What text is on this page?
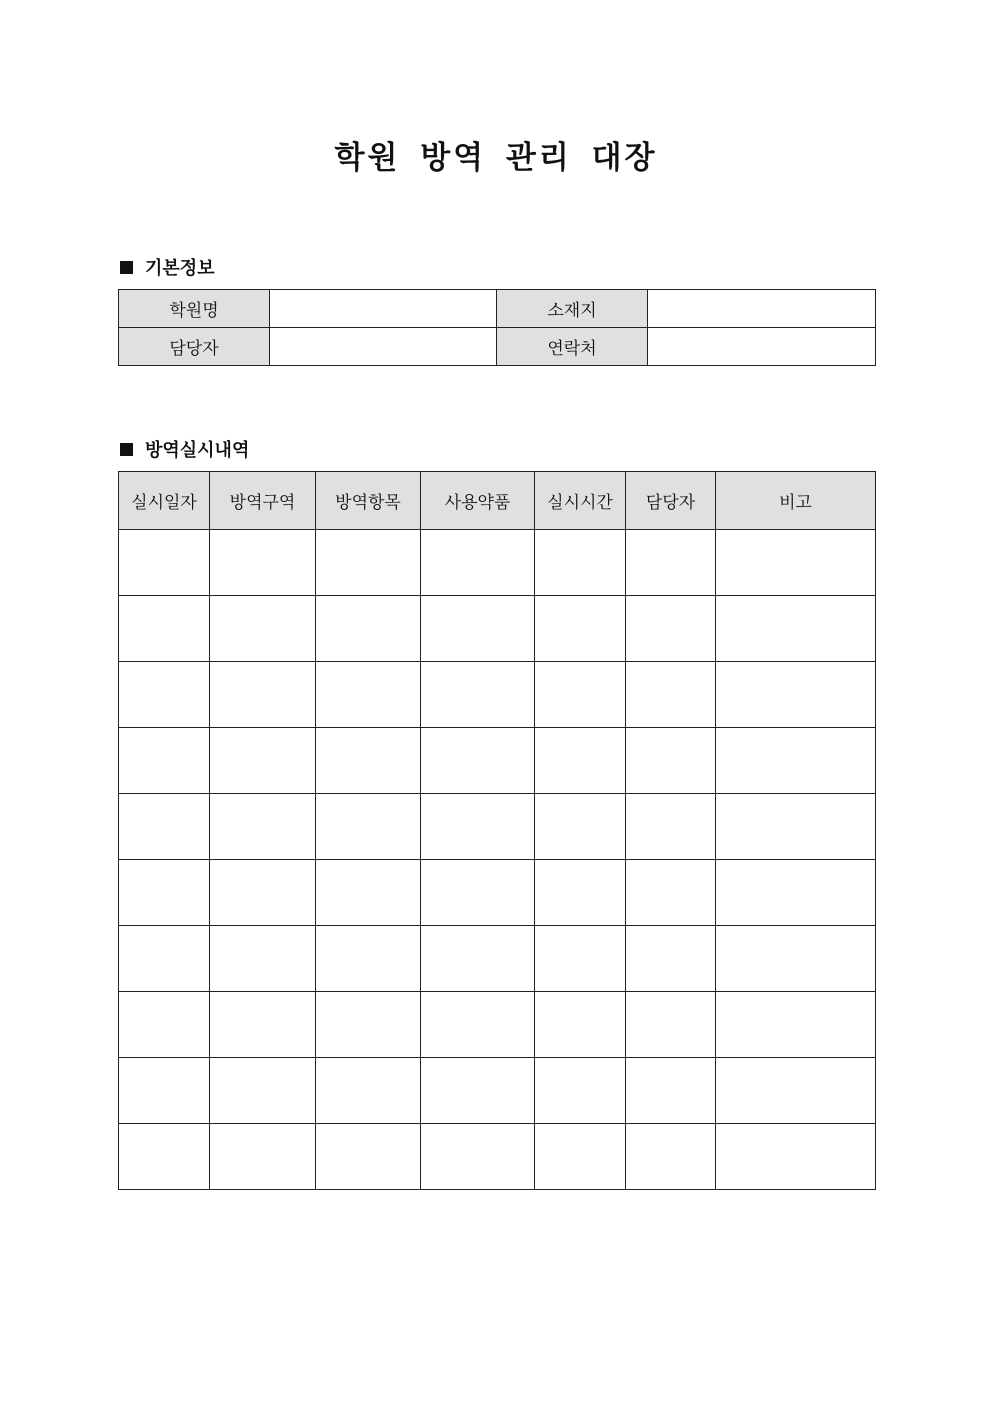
학원 방역 관리 대장
기본정보
학원명		소재지	
담당자		연락처	
방역실시내역
실시일자	방역구역	방역항목	사용약품	실시시간	담당자	비고
